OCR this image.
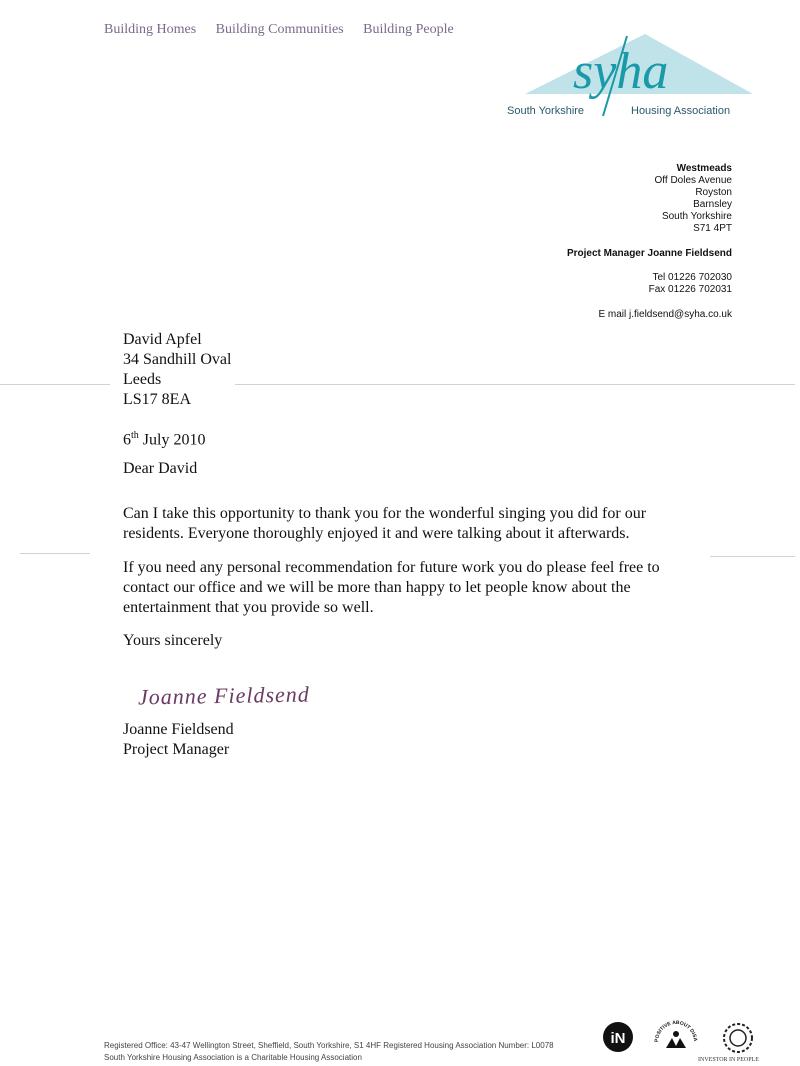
Building Homes Building Communities Building People
syha
South Yorkshire	Housing Association
Westmeads
Off Doles Avenue
Royston
Barnsley
South Yorkshire
S71 4PT
Project Manager Joanne Fieldsend
Tel 01226 702030
Fax 01226 702031
E mail j.fieldsend@syha.co.uk
David Apfel
34 Sandhill Oval
Leeds
LS17 8EA
6th July 2010
Dear David
Can I take this opportunity to thank you for the wonderful singing you did for our residents. Everyone thoroughly enjoyed it and were talking about it afterwards.
If you need any personal recommendation for future work you do please feel free to contact our office and we will be more than happy to let people know about the entertainment that you provide so well.
Yours sincerely
Joanne Fieldsend
Joanne Fieldsend
Project Manager
Registered Office: 43-47 Wellington Street, Sheffield, South Yorkshire, S1 4HF Registered Housing Association Number: L0078
South Yorkshire Housing Association is a Charitable Housing Association
iN	POSITIVE ABOUT DISA
INVESTOR IN PEOPLE
